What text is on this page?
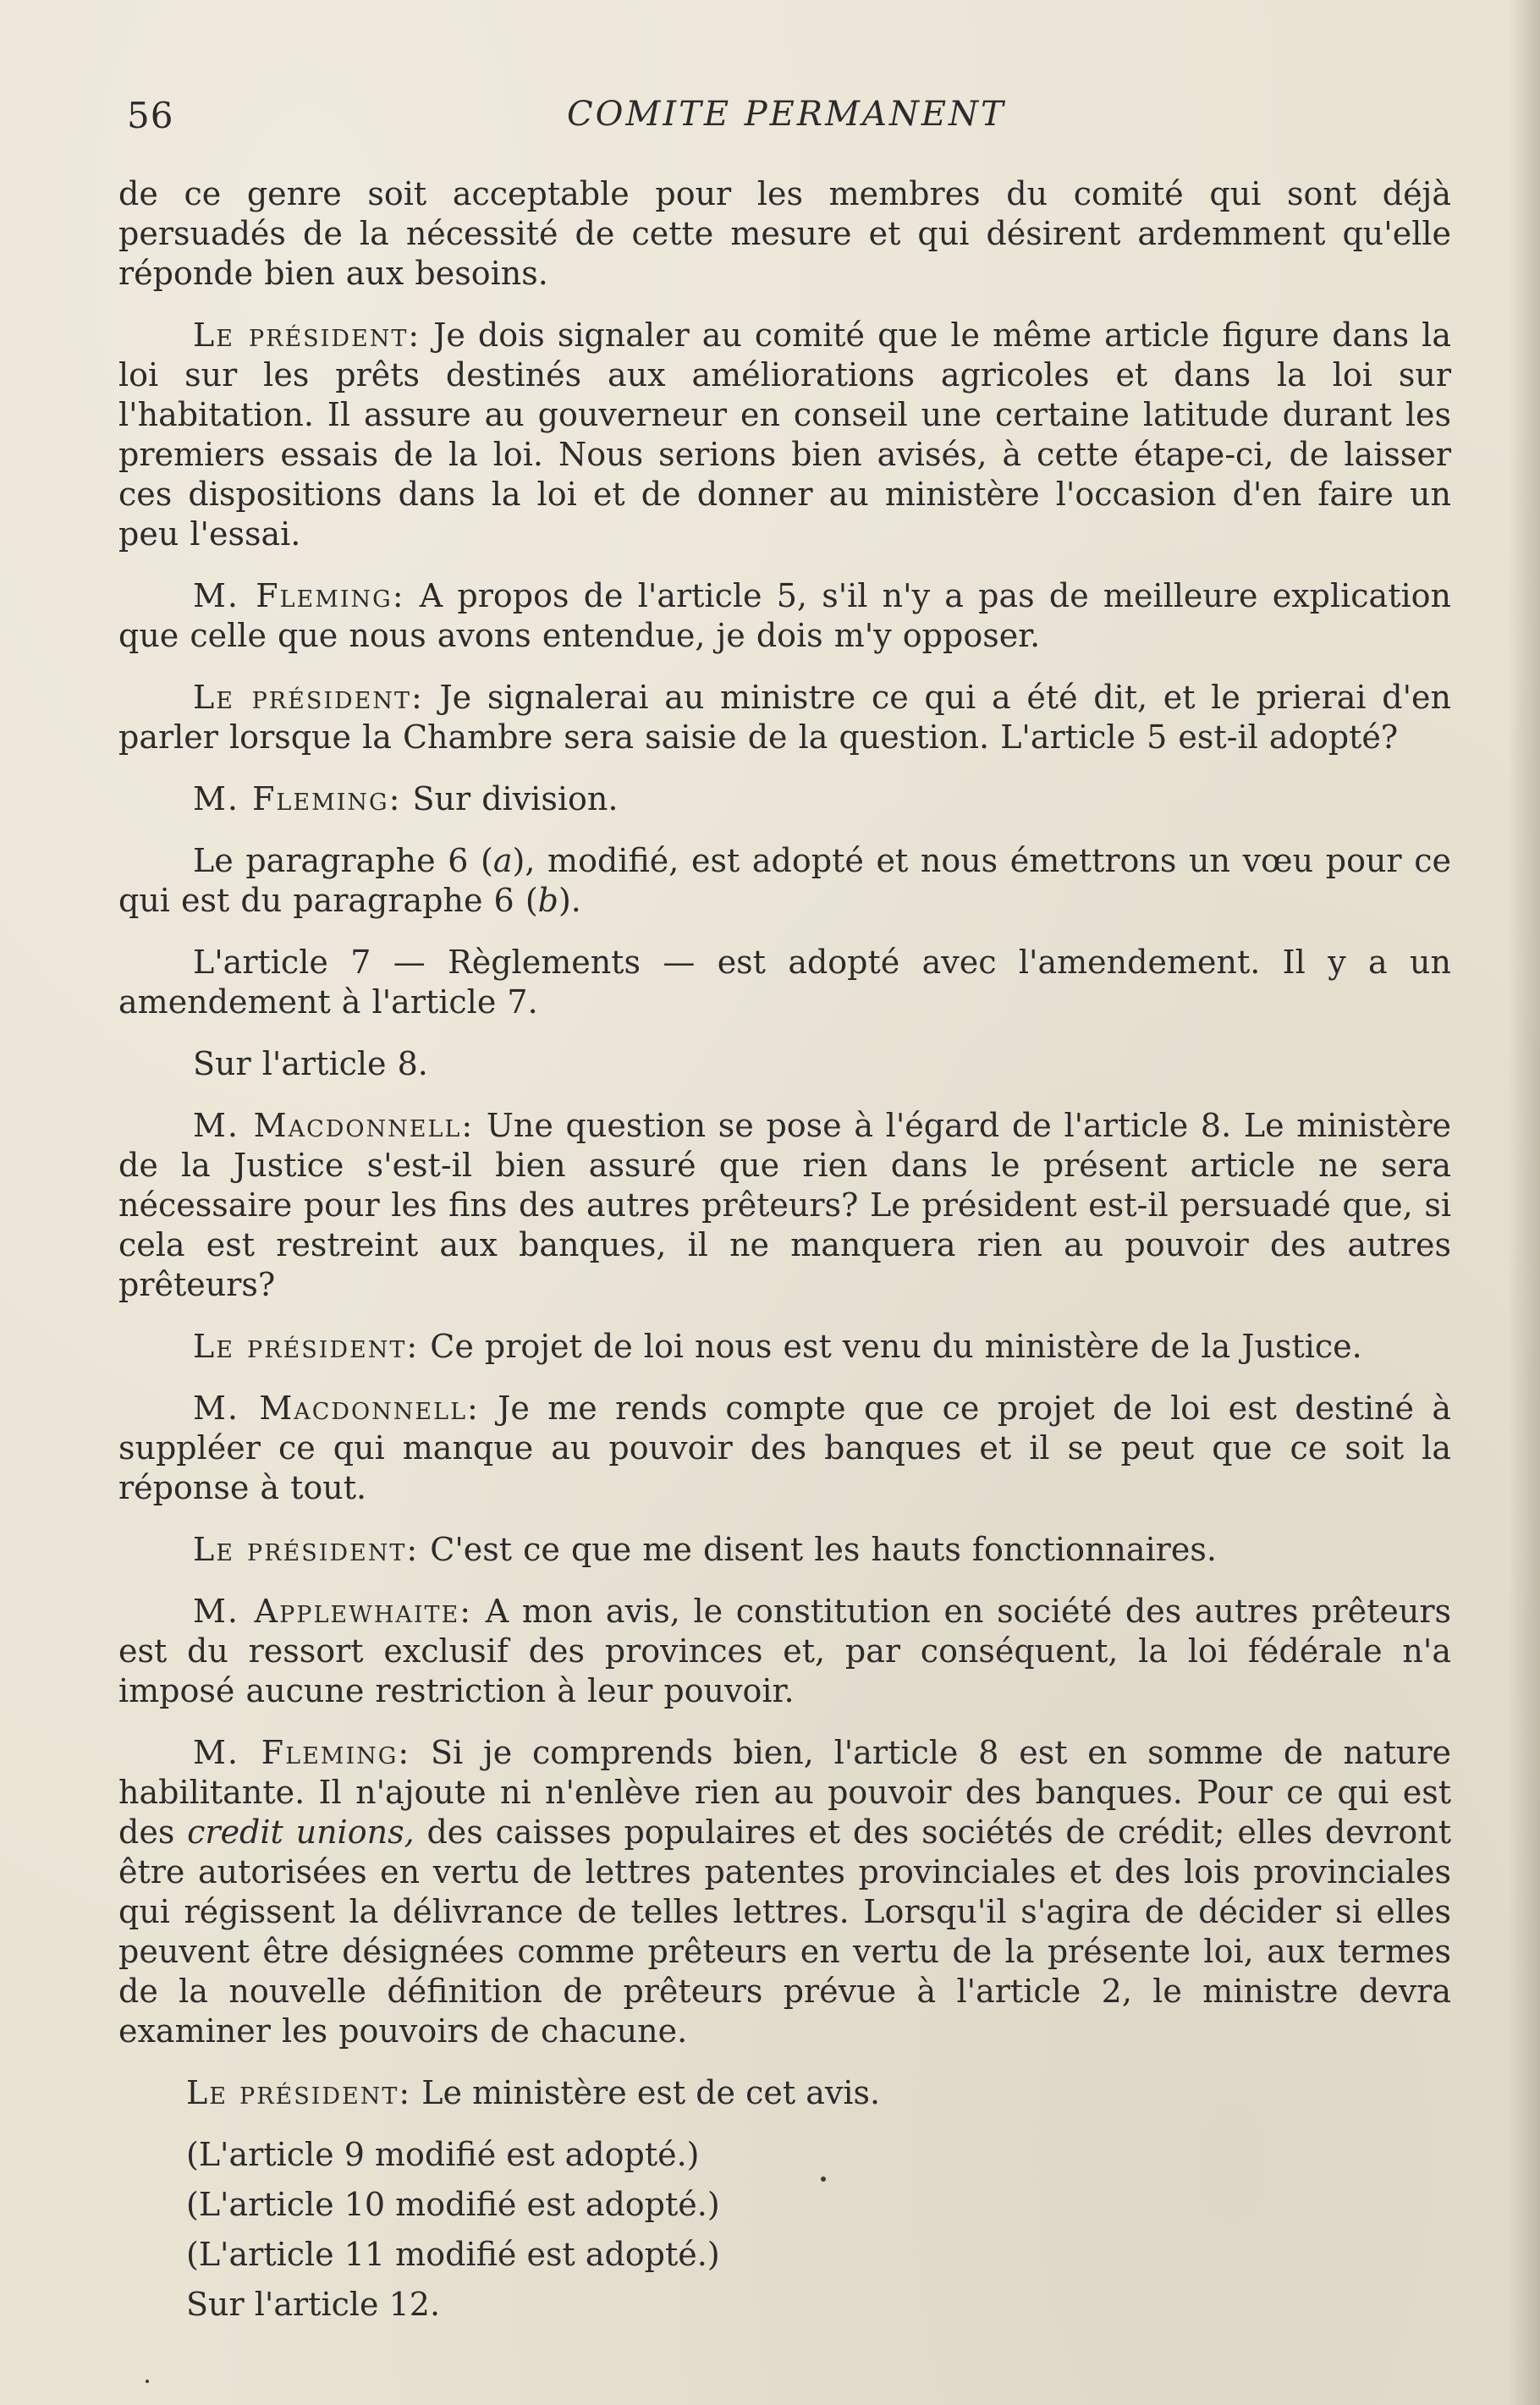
56	COMITE PERMANENT

de ce genre soit acceptable pour les membres du comité qui sont déjà persuadés de la nécessité de cette mesure et qui désirent ardemment qu'elle réponde bien aux besoins.

Le président: Je dois signaler au comité que le même article figure dans la loi sur les prêts destinés aux améliorations agricoles et dans la loi sur l'habitation. Il assure au gouverneur en conseil une certaine latitude durant les premiers essais de la loi. Nous serions bien avisés, à cette étape-ci, de laisser ces dispositions dans la loi et de donner au ministère l'occasion d'en faire un peu l'essai.

M. Fleming: A propos de l'article 5, s'il n'y a pas de meilleure explication que celle que nous avons entendue, je dois m'y opposer.

Le président: Je signalerai au ministre ce qui a été dit, et le prierai d'en parler lorsque la Chambre sera saisie de la question. L'article 5 est-il adopté?

M. Fleming: Sur division.

Le paragraphe 6 (a), modifié, est adopté et nous émettrons un vœu pour ce qui est du paragraphe 6 (b).

L'article 7 — Règlements — est adopté avec l'amendement. Il y a un amendement à l'article 7.

Sur l'article 8.

M. Macdonnell: Une question se pose à l'égard de l'article 8. Le ministère de la Justice s'est-il bien assuré que rien dans le présent article ne sera nécessaire pour les fins des autres prêteurs? Le président est-il persuadé que, si cela est restreint aux banques, il ne manquera rien au pouvoir des autres prêteurs?

Le président: Ce projet de loi nous est venu du ministère de la Justice.

M. Macdonnell: Je me rends compte que ce projet de loi est destiné à suppléer ce qui manque au pouvoir des banques et il se peut que ce soit la réponse à tout.

Le président: C'est ce que me disent les hauts fonctionnaires.

M. Applewhaite: A mon avis, le constitution en société des autres prêteurs est du ressort exclusif des provinces et, par conséquent, la loi fédérale n'a imposé aucune restriction à leur pouvoir.

M. Fleming: Si je comprends bien, l'article 8 est en somme de nature habilitante. Il n'ajoute ni n'enlève rien au pouvoir des banques. Pour ce qui est des credit unions, des caisses populaires et des sociétés de crédit; elles devront être autorisées en vertu de lettres patentes provinciales et des lois provinciales qui régissent la délivrance de telles lettres. Lorsqu'il s'agira de décider si elles peuvent être désignées comme prêteurs en vertu de la présente loi, aux termes de la nouvelle définition de prêteurs prévue à l'article 2, le ministre devra examiner les pouvoirs de chacune.

Le président: Le ministère est de cet avis.

(L'article 9 modifié est adopté.)

(L'article 10 modifié est adopté.)

(L'article 11 modifié est adopté.)

Sur l'article 12.
